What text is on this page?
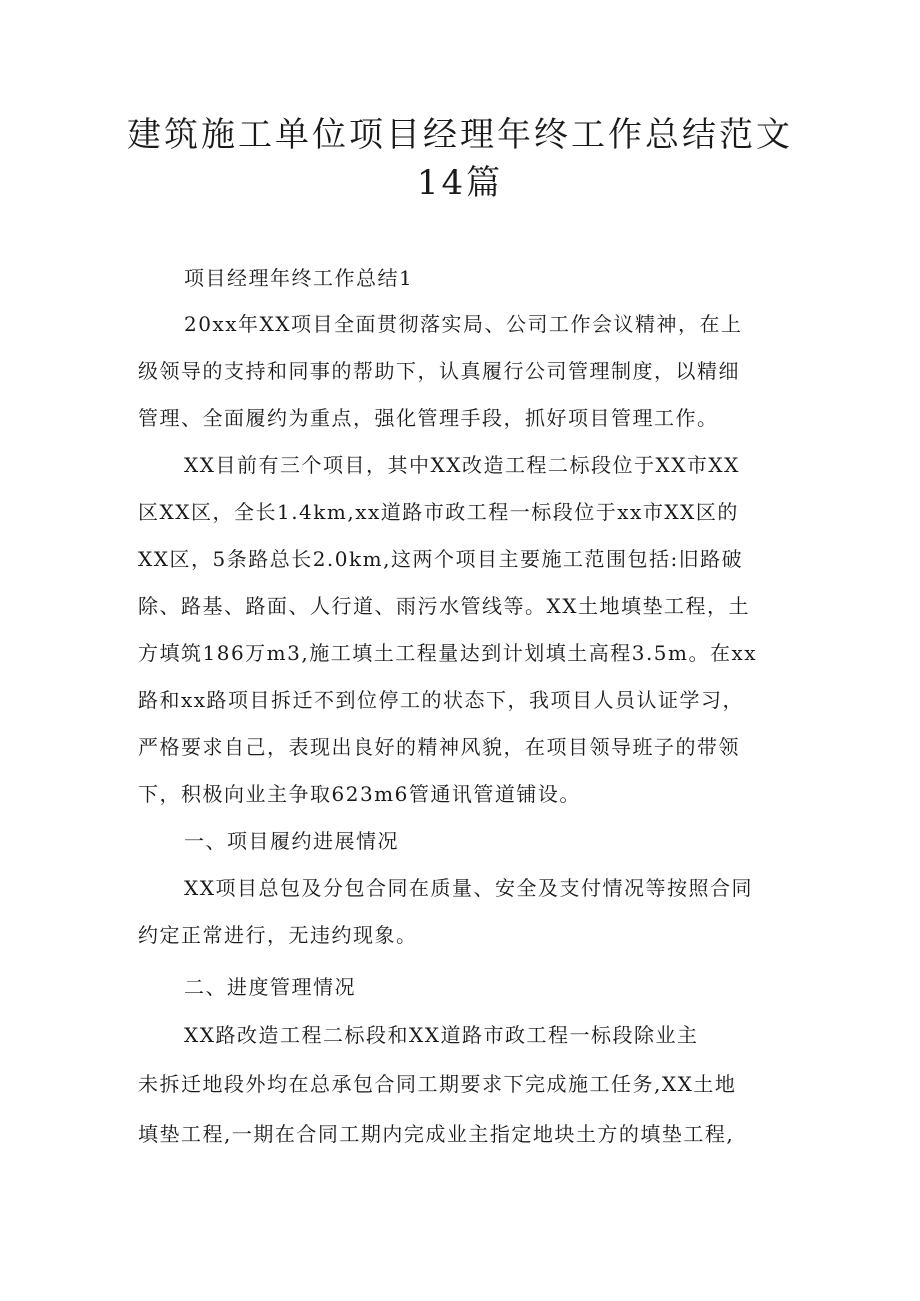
建筑施工单位项目经理年终工作总结范文
14篇

项目经理年终工作总结1

20xx年XX项目全面贯彻落实局、公司工作会议精神，在上

级领导的支持和同事的帮助下，认真履行公司管理制度，以精细

管理、全面履约为重点，强化管理手段，抓好项目管理工作。

XX目前有三个项目，其中XX改造工程二标段位于XX市XX

区XX区，全长1.4km,xx道路市政工程一标段位于xx市XX区的

XX区，5条路总长2.0km,这两个项目主要施工范围包括:旧路破

除、路基、路面、人行道、雨污水管线等。XX土地填垫工程，土

方填筑186万m3,施工填土工程量达到计划填土高程3.5m。在xx

路和xx路项目拆迁不到位停工的状态下，我项目人员认证学习，

严格要求自己，表现出良好的精神风貌，在项目领导班子的带领

下，积极向业主争取623m6管通讯管道铺设。

一、项目履约进展情况

XX项目总包及分包合同在质量、安全及支付情况等按照合同

约定正常进行，无违约现象。

二、进度管理情况

XX路改造工程二标段和XX道路市政工程一标段除业主

未拆迁地段外均在总承包合同工期要求下完成施工任务,XX土地

填垫工程,一期在合同工期内完成业主指定地块土方的填垫工程,
